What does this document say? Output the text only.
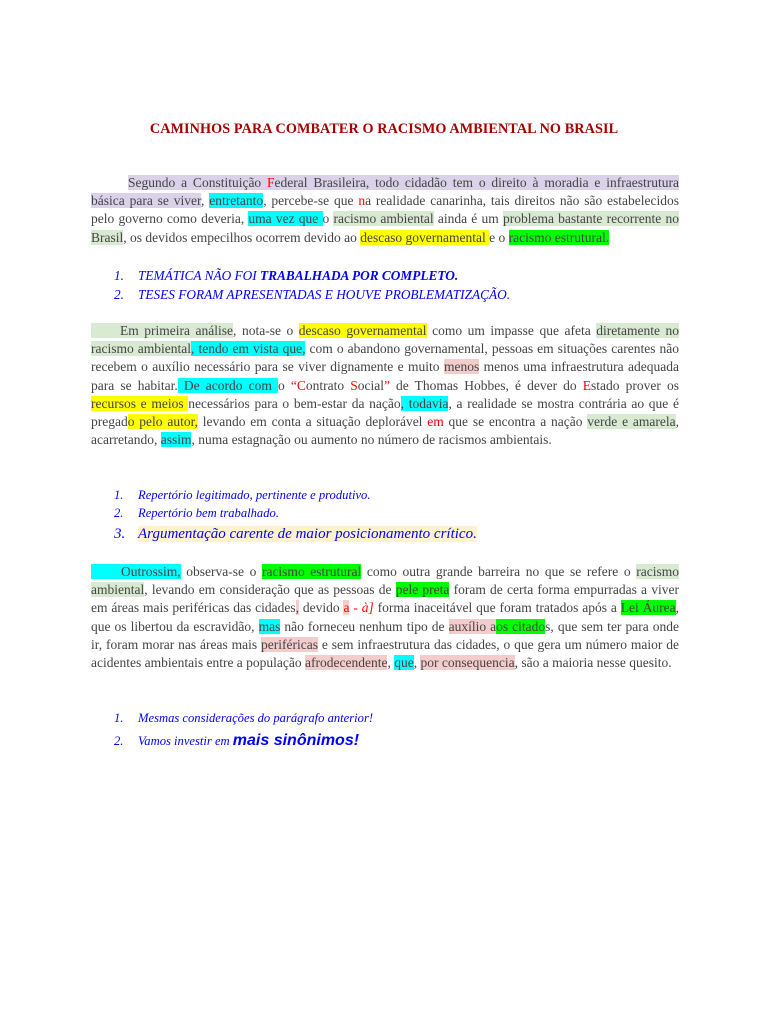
CAMINHOS PARA COMBATER O RACISMO AMBIENTAL NO BRASIL

Segundo a Constituição Federal Brasileira, todo cidadão tem o direito à moradia e infraestrutura básica para se viver, entretanto, percebe-se que na realidade canarinha, tais direitos não são estabelecidos pelo governo como deveria, uma vez que o racismo ambiental ainda é um problema bastante recorrente no Brasil, os devidos empecilhos ocorrem devido ao descaso governamental e o racismo estrutural.

1. TEMÁTICA NÃO FOI TRABALHADA POR COMPLETO.
2. TESES FORAM APRESENTADAS E HOUVE PROBLEMATIZAÇÃO.

Em primeira análise, nota-se o descaso governamental como um impasse que afeta diretamente no racismo ambiental, tendo em vista que, com o abandono governamental, pessoas em situações carentes não recebem o auxílio necessário para se viver dignamente e muito menos menos uma infraestrutura adequada para se habitar. De acordo com o “Contrato Social” de Thomas Hobbes, é dever do Estado prover os recursos e meios necessários para o bem-estar da nação, todavia, a realidade se mostra contrária ao que é pregado pelo autor, levando em conta a situação deplorável em que se encontra a nação verde e amarela, acarretando, assim, numa estagnação ou aumento no número de racismos ambientais.

1. Repertório legitimado, pertinente e produtivo.
2. Repertório bem trabalhado.
3. Argumentação carente de maior posicionamento crítico.

Outrossim, observa-se o racismo estrutural como outra grande barreira no que se refere o racismo ambiental, levando em consideração que as pessoas de pele preta foram de certa forma empurradas a viver em áreas mais periféricas das cidades, devido a - à] forma inaceitável que foram tratados após a Lei Áurea, que os libertou da escravidão, mas não forneceu nenhum tipo de auxílio aos citados, que sem ter para onde ir, foram morar nas áreas mais periféricas e sem infraestrutura das cidades, o que gera um número maior de acidentes ambientais entre a população afrodecendente, que, por consequencia, são a maioria nesse quesito.

1. Mesmas considerações do parágrafo anterior!
2. Vamos investir em mais sinônimos!
